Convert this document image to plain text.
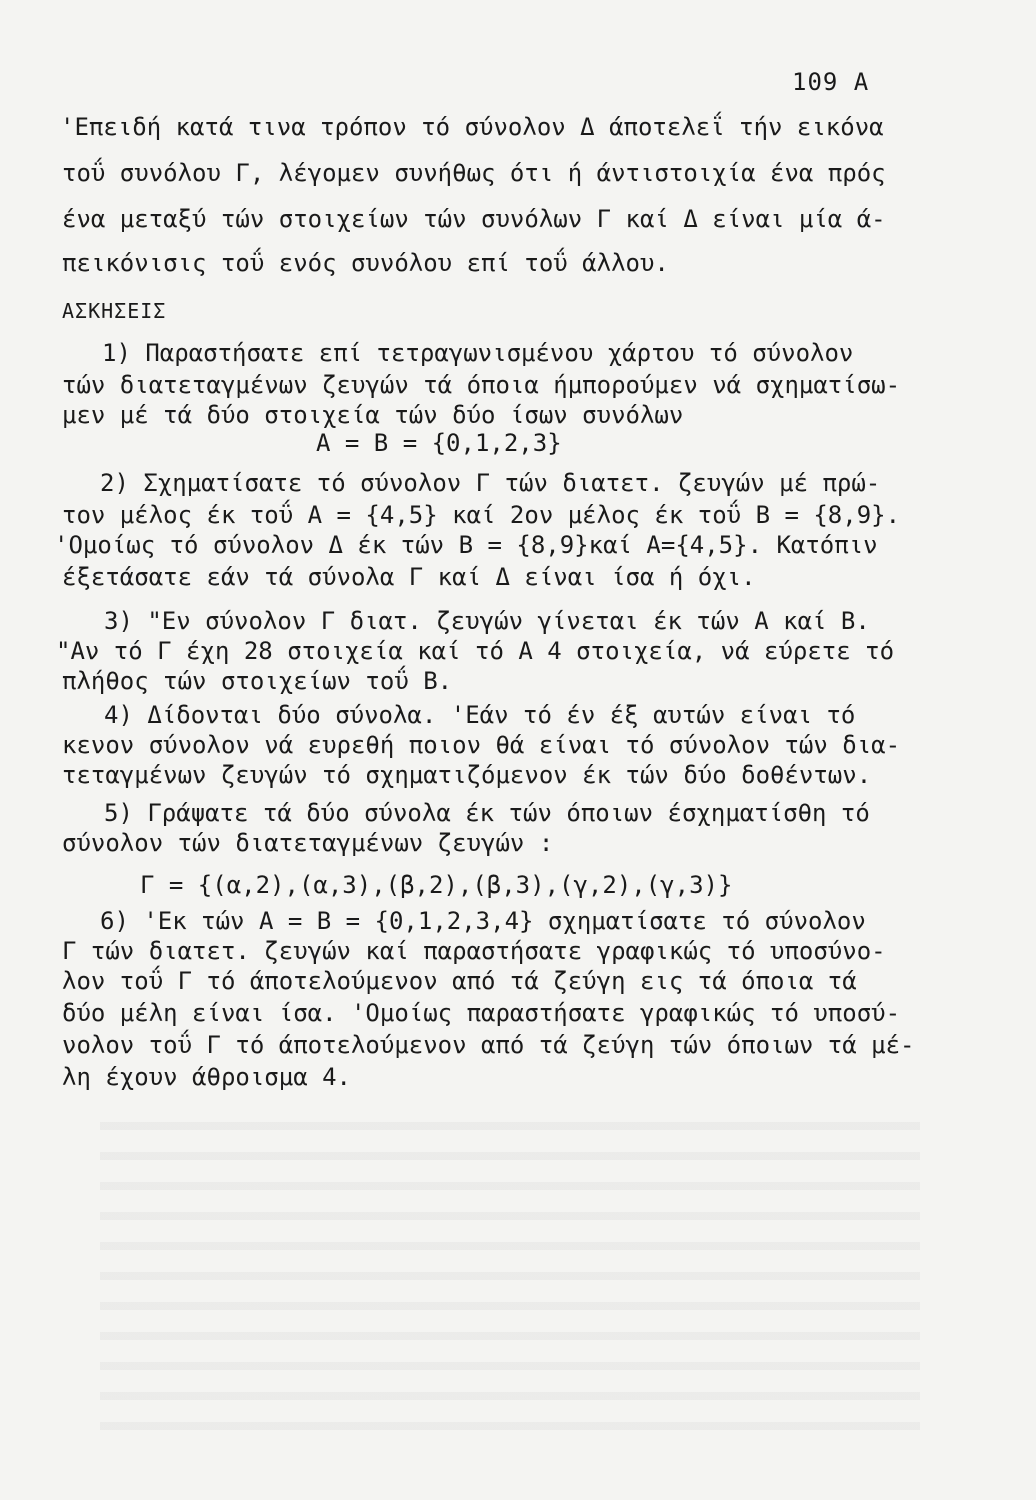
109 A
'Επειδή κατά τινα τρόπον τό σύνολον Δ άποτελεΐ τήν εικόνα
τοΰ συνόλου Γ, λέγομεν συνήθως ότι ή άντιστοιχία ένα πρός
ένα μεταξύ τών στοιχείων τών συνόλων Γ καί Δ είναι μία ά-
πεικόνισις τοΰ ενός συνόλου επί τοΰ άλλου.
ΑΣΚΗΣΕΙΣ
1) Παραστήσατε επί τετραγωνισμένου χάρτου τό σύνολον
τών διατεταγμένων ζευγών τά όποια ήμπορούμεν νά σχηματίσω-
μεν μέ τά δύο στοιχεία τών δύο ίσων συνόλων
Α = Β = {0,1,2,3}
2) Σχηματίσατε τό σύνολον Γ τών διατετ. ζευγών μέ πρώ-
τον μέλος έκ τοΰ Α = {4,5} καί 2ον μέλος έκ τοΰ Β = {8,9}.
'Ομοίως τό σύνολον Δ έκ τών Β = {8,9}καί Α={4,5}. Κατόπιν
έξετάσατε εάν τά σύνολα Γ καί Δ είναι ίσα ή όχι.
3) "Εν σύνολον Γ διατ. ζευγών γίνεται έκ τών Α καί Β.
"Αν τό Γ έχη 28 στοιχεία καί τό Α 4 στοιχεία, νά εύρετε τό
πλήθος τών στοιχείων τοΰ Β.
4) Δίδονται δύο σύνολα. 'Εάν τό έν έξ αυτών είναι τό
κενον σύνολον νά ευρεθή ποιον θά είναι τό σύνολον τών δια-
τεταγμένων ζευγών τό σχηματιζόμενον έκ τών δύο δοθέντων.
5) Γράψατε τά δύο σύνολα έκ τών όποιων έσχηματίσθη τό
σύνολον τών διατεταγμένων ζευγών :
Γ = {(α,2),(α,3),(β,2),(β,3),(γ,2),(γ,3)}
6) 'Εκ τών Α = Β = {0,1,2,3,4} σχηματίσατε τό σύνολον
Γ τών διατετ. ζευγών καί παραστήσατε γραφικώς τό υποσύνο-
λον τοΰ Γ τό άποτελούμενον από τά ζεύγη εις τά όποια τά
δύο μέλη είναι ίσα. 'Ομοίως παραστήσατε γραφικώς τό υποσύ-
νολον τοΰ Γ τό άποτελούμενον από τά ζεύγη τών όποιων τά μέ-
λη έχουν άθροισμα 4.
